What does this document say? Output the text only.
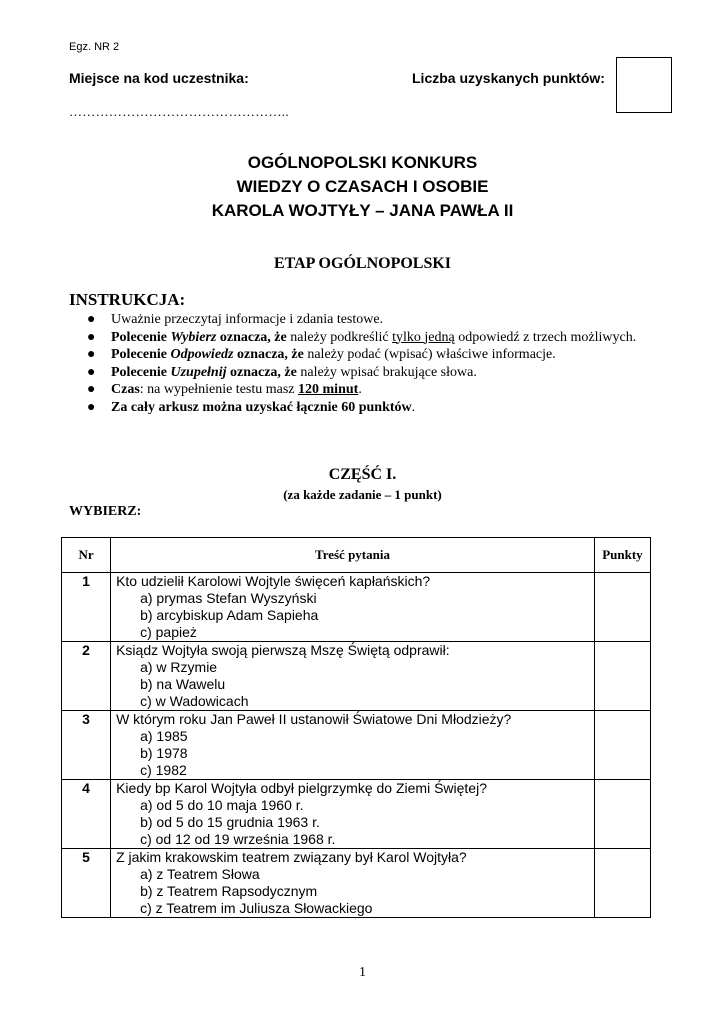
Egz. NR 2
Miejsce na kod uczestnika:	Liczba uzyskanych punktów:
…………………………………………..
OGÓLNOPOLSKI KONKURS
WIEDZY O CZASACH I OSOBIE
KAROLA WOJTYŁY – JANA PAWŁA II
ETAP OGÓLNOPOLSKI
INSTRUKCJA:
● Uważnie przeczytaj informacje i zdania testowe.
● Polecenie Wybierz oznacza, że należy podkreślić tylko jedną odpowiedź z trzech możliwych.
● Polecenie Odpowiedz oznacza, że należy podać (wpisać) właściwe informacje.
● Polecenie Uzupełnij oznacza, że należy wpisać brakujące słowa.
● Czas: na wypełnienie testu masz 120 minut.
● Za cały arkusz można uzyskać łącznie 60 punktów.
CZĘŚĆ I.
(za każde zadanie – 1 punkt)
WYBIERZ:
Nr	Treść pytania	Punkty
1	Kto udzielił Karolowi Wojtyle święceń kapłańskich?
a) prymas Stefan Wyszyński
b) arcybiskup Adam Sapieha
c) papież	

2	Ksiądz Wojtyła swoją pierwszą Mszę Świętą odprawił:
a) w Rzymie
b) na Wawelu
c) w Wadowicach	

3	W którym roku Jan Paweł II ustanowił Światowe Dni Młodzieży?
a) 1985
b) 1978
c) 1982	

4	Kiedy bp Karol Wojtyła odbył pielgrzymkę do Ziemi Świętej?
a) od 5 do 10 maja 1960 r.
b) od 5 do 15 grudnia 1963 r.
c) od 12 od 19 września 1968 r.	

5	Z jakim krakowskim teatrem związany był Karol Wojtyła?
a) z Teatrem Słowa
b) z Teatrem Rapsodycznym
c) z Teatrem im Juliusza Słowackiego	

1
